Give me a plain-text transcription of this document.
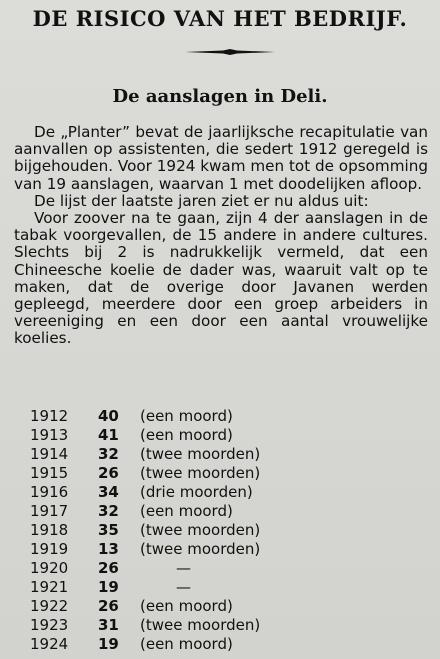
DE RISICO VAN HET BEDRIJF.
De aanslagen in Deli.

De „Planter” bevat de jaarlijksche recapitulatie van aanvallen op assistenten, die sedert 1912 geregeld is bijgehouden. Voor 1924 kwam men tot de opsomming van 19 aanslagen, waarvan 1 met doodelijken afloop.

De lijst der laatste jaren ziet er nu aldus uit:

Voor zoover na te gaan, zijn 4 der aanslagen in de tabak voorgevallen, de 15 andere in andere cultures. Slechts bij 2 is nadrukkelijk vermeld, dat een Chineesche koelie de dader was, waaruit valt op te maken, dat de overige door Javanen werden gepleegd, meerdere door een groep arbeiders in vereeniging en een door een aantal vrouwelijke koelies.

1912	40	(een moord)
1913	41	(een moord)
1914	32	(twee moorden)
1915	26	(twee moorden)
1916	34	(drie moorden)
1917	32	(een moord)
1918	35	(twee moorden)
1919	13	(twee moorden)
1920	26	—
1921	19	—
1922	26	(een moord)
1923	31	(twee moorden)
1924	19	(een moord)
